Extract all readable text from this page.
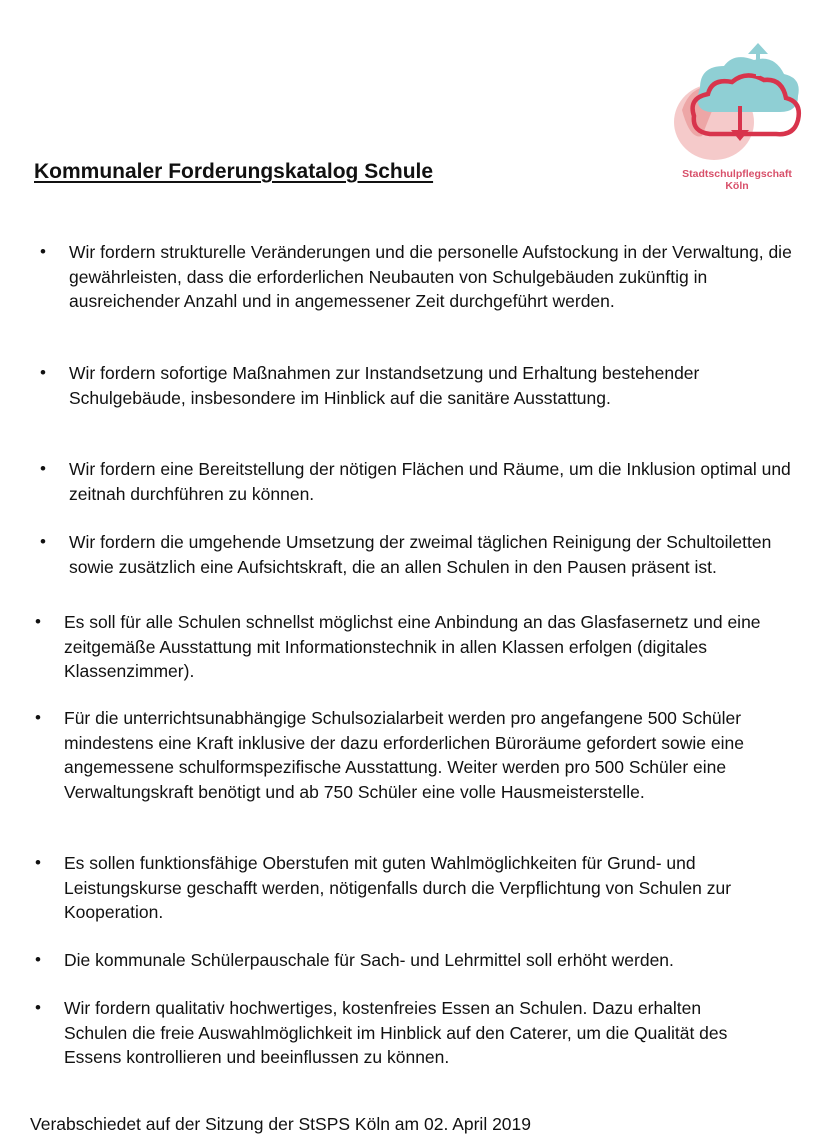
Kommunaler Forderungskatalog Schule	Stadtschulpflegschaft
Köln
• Wir fordern strukturelle Veränderungen und die personelle Aufstockung in der Verwaltung, die gewährleisten, dass die erforderlichen Neubauten von Schulgebäuden zukünftig in ausreichender Anzahl und in angemessener Zeit durchgeführt werden.
• Wir fordern sofortige Maßnahmen zur Instandsetzung und Erhaltung bestehender Schulgebäude, insbesondere im Hinblick auf die sanitäre Ausstattung.
• Wir fordern eine Bereitstellung der nötigen Flächen und Räume, um die Inklusion optimal und zeitnah durchführen zu können.
• Wir fordern die umgehende Umsetzung der zweimal täglichen Reinigung der Schultoiletten sowie zusätzlich eine Aufsichtskraft, die an allen Schulen in den Pausen präsent ist.
• Es soll für alle Schulen schnellst möglichst eine Anbindung an das Glasfasernetz und eine zeitgemäße Ausstattung mit Informationstechnik in allen Klassen erfolgen (digitales Klassenzimmer).
• Für die unterrichtsunabhängige Schulsozialarbeit werden pro angefangene 500 Schüler mindestens eine Kraft inklusive der dazu erforderlichen Büroräume gefordert sowie eine angemessene schulformspezifische Ausstattung. Weiter werden pro 500 Schüler eine Verwaltungskraft benötigt und ab 750 Schüler eine volle Hausmeisterstelle.
• Es sollen funktionsfähige Oberstufen mit guten Wahlmöglichkeiten für Grund- und Leistungskurse geschafft werden, nötigenfalls durch die Verpflichtung von Schulen zur Kooperation.
• Die kommunale Schülerpauschale für Sach- und Lehrmittel soll erhöht werden.
• Wir fordern qualitativ hochwertiges, kostenfreies Essen an Schulen. Dazu erhalten Schulen die freie Auswahlmöglichkeit im Hinblick auf den Caterer, um die Qualität des Essens kontrollieren und beeinflussen zu können.

Verabschiedet auf der Sitzung der StSPS Köln am 02. April 2019
